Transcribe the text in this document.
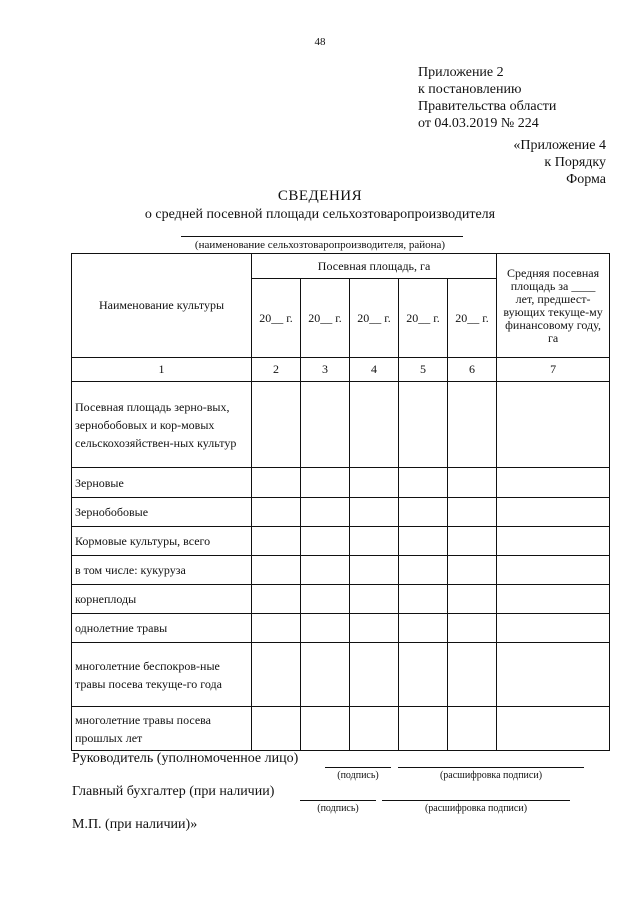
48
Приложение 2
к постановлению
Правительства области
от 04.03.2019 № 224
«Приложение 4
к Порядку
Форма
СВЕДЕНИЯ
о средней посевной площади сельхозтоваропроизводителя
(наименование сельхозтоваропроизводителя, района)
Наименование культуры	Посевная площадь, га					Средняя посевная площадь за ____ лет, предшест-вующих текуще-му финансовому году, га
	20__ г.	20__ г.	20__ г.	20__ г.	20__ г.	
1	2	3	4	5	6	7
Посевная площадь зерно-вых, зернобобовых и кор-мовых сельскохозяйствен-ных культур						
Зерновые						
Зернобобовые						
Кормовые культуры, всего						
в том числе: кукуруза						
корнеплоды						
однолетние травы						
многолетние беспокров-ные травы посева текуще-го года						
многолетние травы посева прошлых лет						
Руководитель (уполномоченное лицо)
(подпись)	(расшифровка подписи)
Главный бухгалтер (при наличии)
(подпись)	(расшифровка подписи)
М.П. (при наличии)»
